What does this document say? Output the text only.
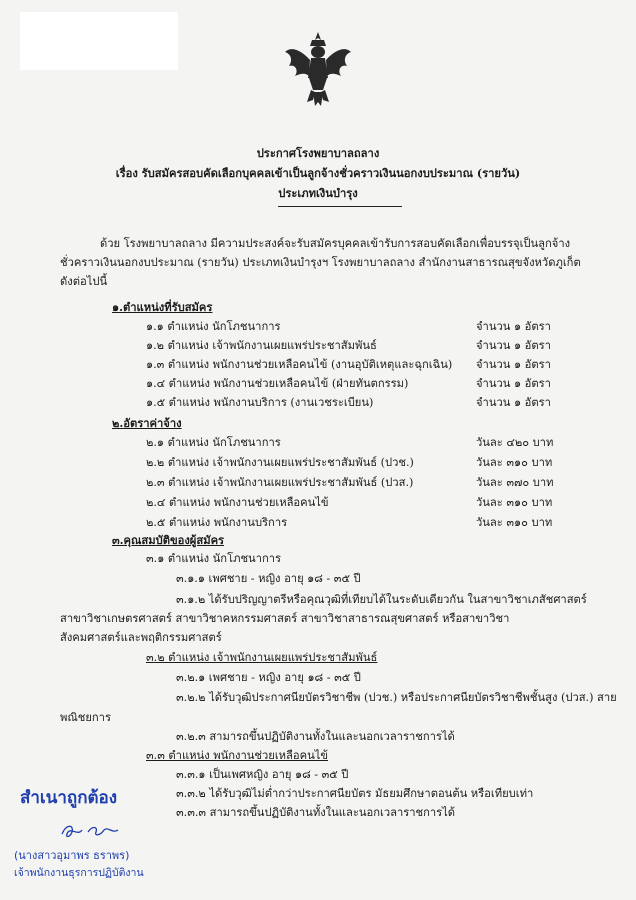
ประกาศโรงพยาบาลถลาง
เรื่อง รับสมัครสอบคัดเลือกบุคคลเข้าเป็นลูกจ้างชั่วคราวเงินนอกงบประมาณ (รายวัน)
ประเภทเงินบำรุง
ด้วย โรงพยาบาลถลาง มีความประสงค์จะรับสมัครบุคคลเข้ารับการสอบคัดเลือกเพื่อบรรจุเป็นลูกจ้าง
ชั่วคราวเงินนอกงบประมาณ (รายวัน) ประเภทเงินบำรุงฯ โรงพยาบาลถลาง สำนักงานสาธารณสุขจังหวัดภูเก็ต
ดังต่อไปนี้
๑.ตำแหน่งที่รับสมัคร
๑.๑ ตำแหน่ง นักโภชนาการ	จำนวน ๑ อัตรา
๑.๒ ตำแหน่ง เจ้าพนักงานเผยแพร่ประชาสัมพันธ์	จำนวน ๑ อัตรา
๑.๓ ตำแหน่ง พนักงานช่วยเหลือคนไข้ (งานอุบัติเหตุและฉุกเฉิน) จำนวน ๑ อัตรา
๑.๔ ตำแหน่ง พนักงานช่วยเหลือคนไข้ (ฝ่ายทันตกรรม)	จำนวน ๑ อัตรา
๑.๕ ตำแหน่ง พนักงานบริการ (งานเวชระเบียน)	จำนวน ๑ อัตรา
๒.อัตราค่าจ้าง
๒.๑ ตำแหน่ง นักโภชนาการ	วันละ ๔๒๐ บาท
๒.๒ ตำแหน่ง เจ้าพนักงานเผยแพร่ประชาสัมพันธ์ (ปวช.)	วันละ ๓๑๐ บาท
๒.๓ ตำแหน่ง เจ้าพนักงานเผยแพร่ประชาสัมพันธ์ (ปวส.)	วันละ ๓๗๐ บาท
๒.๔ ตำแหน่ง พนักงานช่วยเหลือคนไข้	วันละ ๓๑๐ บาท
๒.๕ ตำแหน่ง พนักงานบริการ	วันละ ๓๑๐ บาท
๓.คุณสมบัติของผู้สมัคร
๓.๑ ตำแหน่ง นักโภชนาการ
๓.๑.๑ เพศชาย - หญิง อายุ ๑๘ - ๓๕ ปี
๓.๑.๒ ได้รับปริญญาตรีหรือคุณวุฒิที่เทียบได้ในระดับเดียวกัน ในสาขาวิชาเภสัชศาสตร์
สาขาวิชาเกษตรศาสตร์ สาขาวิชาคหกรรมศาสตร์ สาขาวิชาสาธารณสุขศาสตร์ หรือสาขาวิชา
สังคมศาสตร์และพฤติกรรมศาสตร์
๓.๒ ตำแหน่ง เจ้าพนักงานเผยแพร่ประชาสัมพันธ์
๓.๒.๑ เพศชาย - หญิง อายุ ๑๘ - ๓๕ ปี
๓.๒.๒ ได้รับวุฒิประกาศนียบัตรวิชาชีพ (ปวช.) หรือประกาศนียบัตรวิชาชีพชั้นสูง (ปวส.) สาย
พณิชยการ
๓.๒.๓ สามารถขึ้นปฏิบัติงานทั้งในและนอกเวลาราชการได้
๓.๓ ตำแหน่ง พนักงานช่วยเหลือคนไข้
๓.๓.๑ เป็นเพศหญิง อายุ ๑๘ - ๓๕ ปี
๓.๓.๒ ได้รับวุฒิไม่ต่ำกว่าประกาศนียบัตร มัธยมศึกษาตอนต้น หรือเทียบเท่า
๓.๓.๓ สามารถขึ้นปฏิบัติงานทั้งในและนอกเวลาราชการได้
สำเนาถูกต้อง
(นางสาวอุมาพร ธราพร)
เจ้าพนักงานธุรการปฏิบัติงาน
